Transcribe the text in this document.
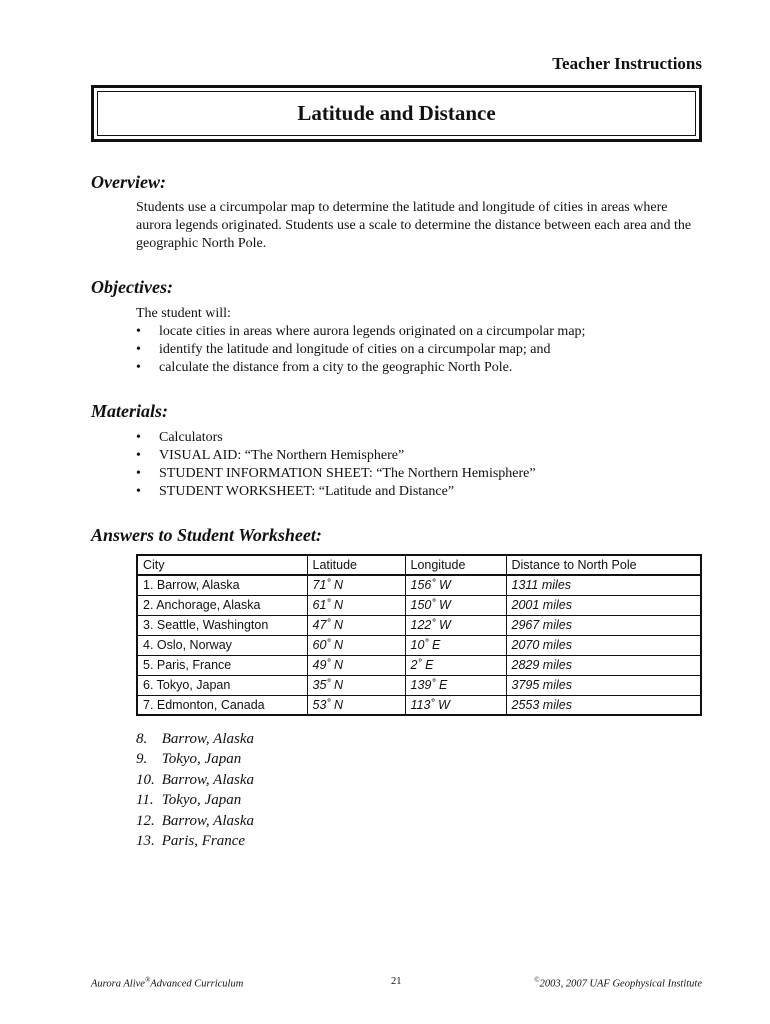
Teacher Instructions
Latitude and Distance
Overview:
Students use a circumpolar map to determine the latitude and longitude of cities in areas where aurora legends originated. Students use a scale to determine the distance between each area and the geographic North Pole.
Objectives:
The student will:
• locate cities in areas where aurora legends originated on a circumpolar map;
• identify the latitude and longitude of cities on a circumpolar map; and
• calculate the distance from a city to the geographic North Pole.
Materials:
• Calculators
• VISUAL AID: “The Northern Hemisphere”
• STUDENT INFORMATION SHEET: “The Northern Hemisphere”
• STUDENT WORKSHEET: “Latitude and Distance”
Answers to Student Worksheet:
City	Latitude	Longitude	Distance to North Pole
1. Barrow, Alaska	71˚ N	156˚ W	1311 miles
2. Anchorage, Alaska	61˚ N	150˚ W	2001 miles
3. Seattle, Washington	47˚ N	122˚ W	2967 miles
4. Oslo, Norway	60˚ N	10˚ E	2070 miles
5. Paris, France	49˚ N	2˚ E	2829 miles
6. Tokyo, Japan	35˚ N	139˚ E	3795 miles
7. Edmonton, Canada	53˚ N	113˚ W	2553 miles
8. Barrow, Alaska
9. Tokyo, Japan
10. Barrow, Alaska
11. Tokyo, Japan
12. Barrow, Alaska
13. Paris, France
Aurora Alive®Advanced Curriculum	21	©2003, 2007 UAF Geophysical Institute
